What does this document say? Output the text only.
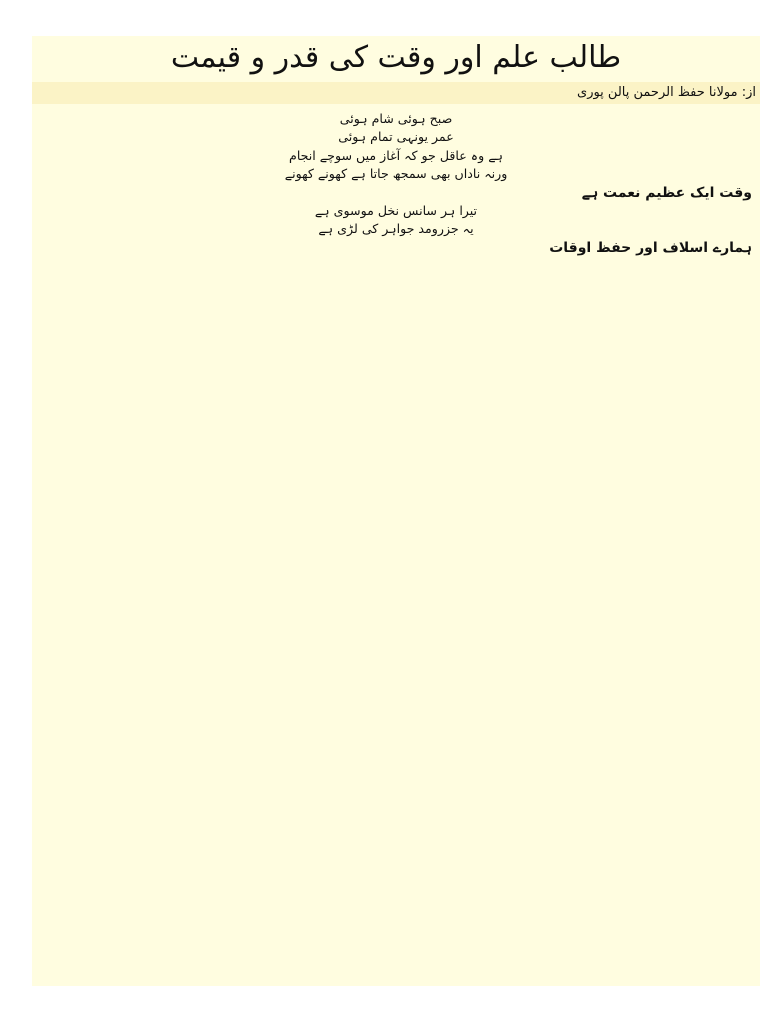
طالب علم اور وقت کی قدر و قیمت
از: مولانا حفظ الرحمن پالن پوری

صبح ہوئی شام ہوئی

عمر یونہی تمام ہوئی

ہے وہ عاقل جو کہ آغاز میں سوچے انجام

ورنہ ناداں بھی سمجھ جاتا ہے کھونے کھونے

وقت ایک عظیم نعمت ہے

تیرا ہر سانس نخل موسوی ہے

یہ جزرومد جواہر کی لڑی ہے

ہمارے اسلاف اور حفظ اوقات
